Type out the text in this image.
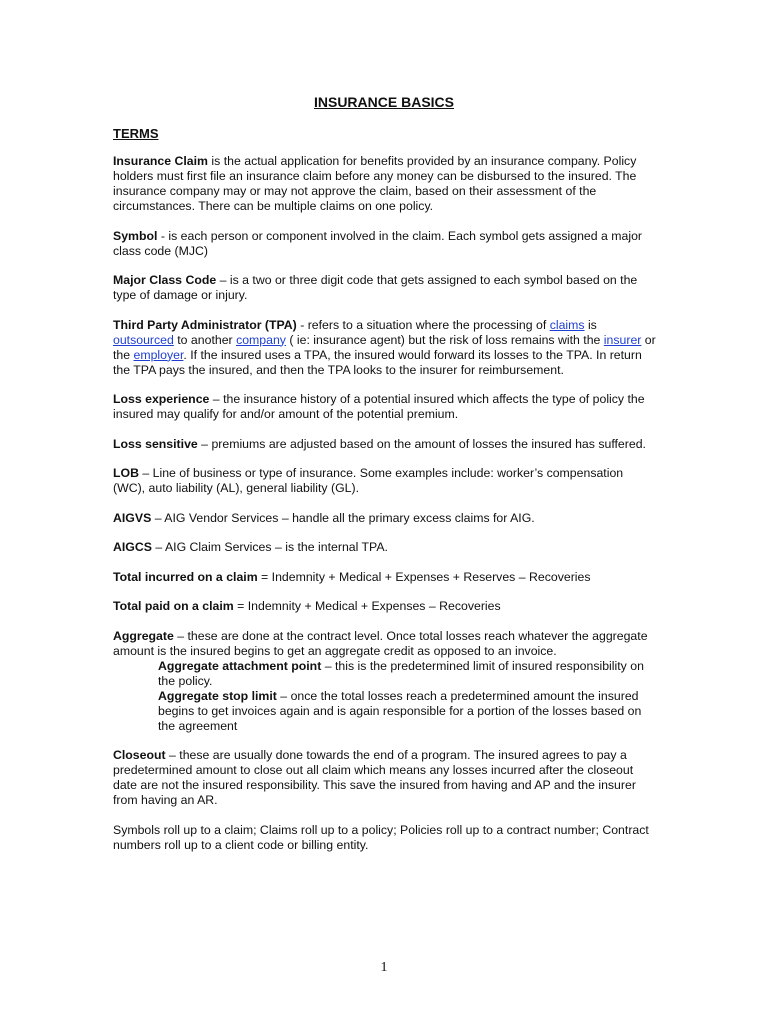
INSURANCE BASICS
TERMS

Insurance Claim is the actual application for benefits provided by an insurance company. Policy holders must first file an insurance claim before any money can be disbursed to the insured. The insurance company may or may not approve the claim, based on their assessment of the circumstances. There can be multiple claims on one policy.

Symbol - is each person or component involved in the claim. Each symbol gets assigned a major class code (MJC)

Major Class Code – is a two or three digit code that gets assigned to each symbol based on the type of damage or injury.

Third Party Administrator (TPA) - refers to a situation where the processing of claims is outsourced to another company ( ie: insurance agent) but the risk of loss remains with the insurer or the employer. If the insured uses a TPA, the insured would forward its losses to the TPA. In return the TPA pays the insured, and then the TPA looks to the insurer for reimbursement.

Loss experience – the insurance history of a potential insured which affects the type of policy the insured may qualify for and/or amount of the potential premium.

Loss sensitive – premiums are adjusted based on the amount of losses the insured has suffered.

LOB – Line of business or type of insurance. Some examples include: worker’s compensation (WC), auto liability (AL), general liability (GL).

AIGVS – AIG Vendor Services – handle all the primary excess claims for AIG.

AIGCS – AIG Claim Services – is the internal TPA.

Total incurred on a claim = Indemnity + Medical + Expenses + Reserves – Recoveries

Total paid on a claim = Indemnity + Medical + Expenses – Recoveries

Aggregate – these are done at the contract level. Once total losses reach whatever the aggregate amount is the insured begins to get an aggregate credit as opposed to an invoice.
Aggregate attachment point – this is the predetermined limit of insured responsibility on the policy.
Aggregate stop limit – once the total losses reach a predetermined amount the insured begins to get invoices again and is again responsible for a portion of the losses based on the agreement

Closeout – these are usually done towards the end of a program. The insured agrees to pay a predetermined amount to close out all claim which means any losses incurred after the closeout date are not the insured responsibility. This save the insured from having and AP and the insurer from having an AR.

Symbols roll up to a claim; Claims roll up to a policy; Policies roll up to a contract number; Contract numbers roll up to a client code or billing entity.

1
